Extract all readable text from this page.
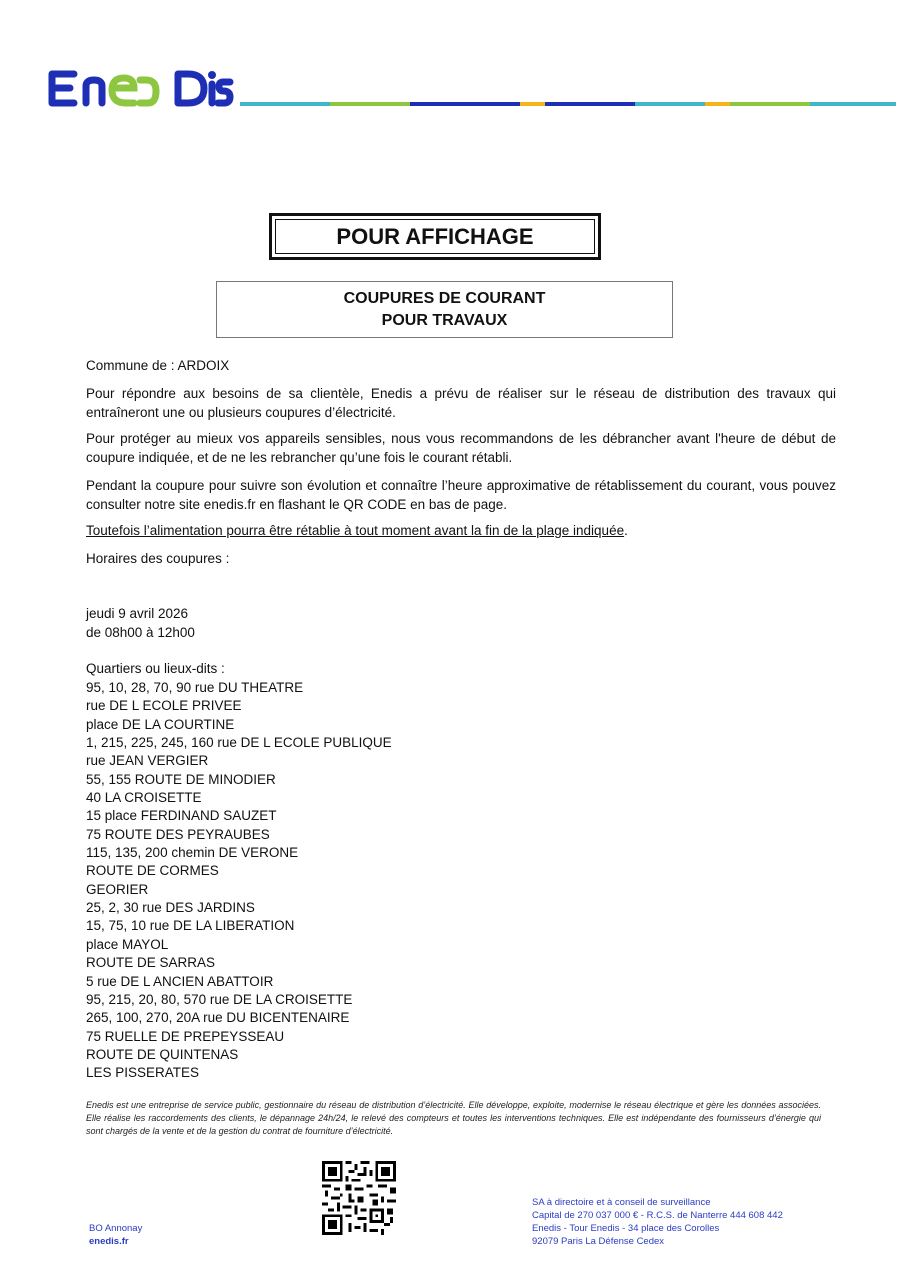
POUR AFFICHAGE
COUPURES DE COURANT
POUR TRAVAUX
Commune de : ARDOIX
Pour répondre aux besoins de sa clientèle, Enedis a prévu de réaliser sur le réseau de distribution des travaux qui entraîneront une ou plusieurs coupures d’électricité.
Pour protéger au mieux vos appareils sensibles, nous vous recommandons de les débrancher avant l'heure de début de coupure indiquée, et de ne les rebrancher qu’une fois le courant rétabli.
Pendant la coupure pour suivre son évolution et connaître l’heure approximative de rétablissement du courant, vous pouvez consulter notre site enedis.fr en flashant le QR CODE en bas de page.
Toutefois l’alimentation pourra être rétablie à tout moment avant la fin de la plage indiquée.
Horaires des coupures :
jeudi 9 avril 2026
de 08h00 à 12h00
Quartiers ou lieux-dits :
95, 10, 28, 70, 90 rue DU THEATRE
rue DE L ECOLE PRIVEE
place DE LA COURTINE
1, 215, 225, 245, 160 rue DE L ECOLE PUBLIQUE
rue JEAN VERGIER
55, 155 ROUTE DE MINODIER
40 LA CROISETTE
15 place FERDINAND SAUZET
75 ROUTE DES PEYRAUBES
115, 135, 200 chemin DE VERONE
ROUTE DE CORMES
GEORIER
25, 2, 30 rue DES JARDINS
15, 75, 10 rue DE LA LIBERATION
place MAYOL
ROUTE DE SARRAS
5 rue DE L ANCIEN ABATTOIR
95, 215, 20, 80, 570 rue DE LA CROISETTE
265, 100, 270, 20A rue DU BICENTENAIRE
75 RUELLE DE PREPEYSSEAU
ROUTE DE QUINTENAS
LES PISSERATES
Enedis est une entreprise de service public, gestionnaire du réseau de distribution d’électricité. Elle développe, exploite, modernise le réseau électrique et gère les données associées. Elle réalise les raccordements des clients, le dépannage 24h/24, le relevé des compteurs et toutes les interventions techniques. Elle est indépendante des fournisseurs d’énergie qui sont chargés de la vente et de la gestion du contrat de fourniture d’électricité.
BO Annonay
enedis.fr
SA à directoire et à conseil de surveillance
Capital de 270 037 000 € - R.C.S. de Nanterre 444 608 442
Enedis - Tour Enedis - 34 place des Corolles
92079 Paris La Défense Cedex
